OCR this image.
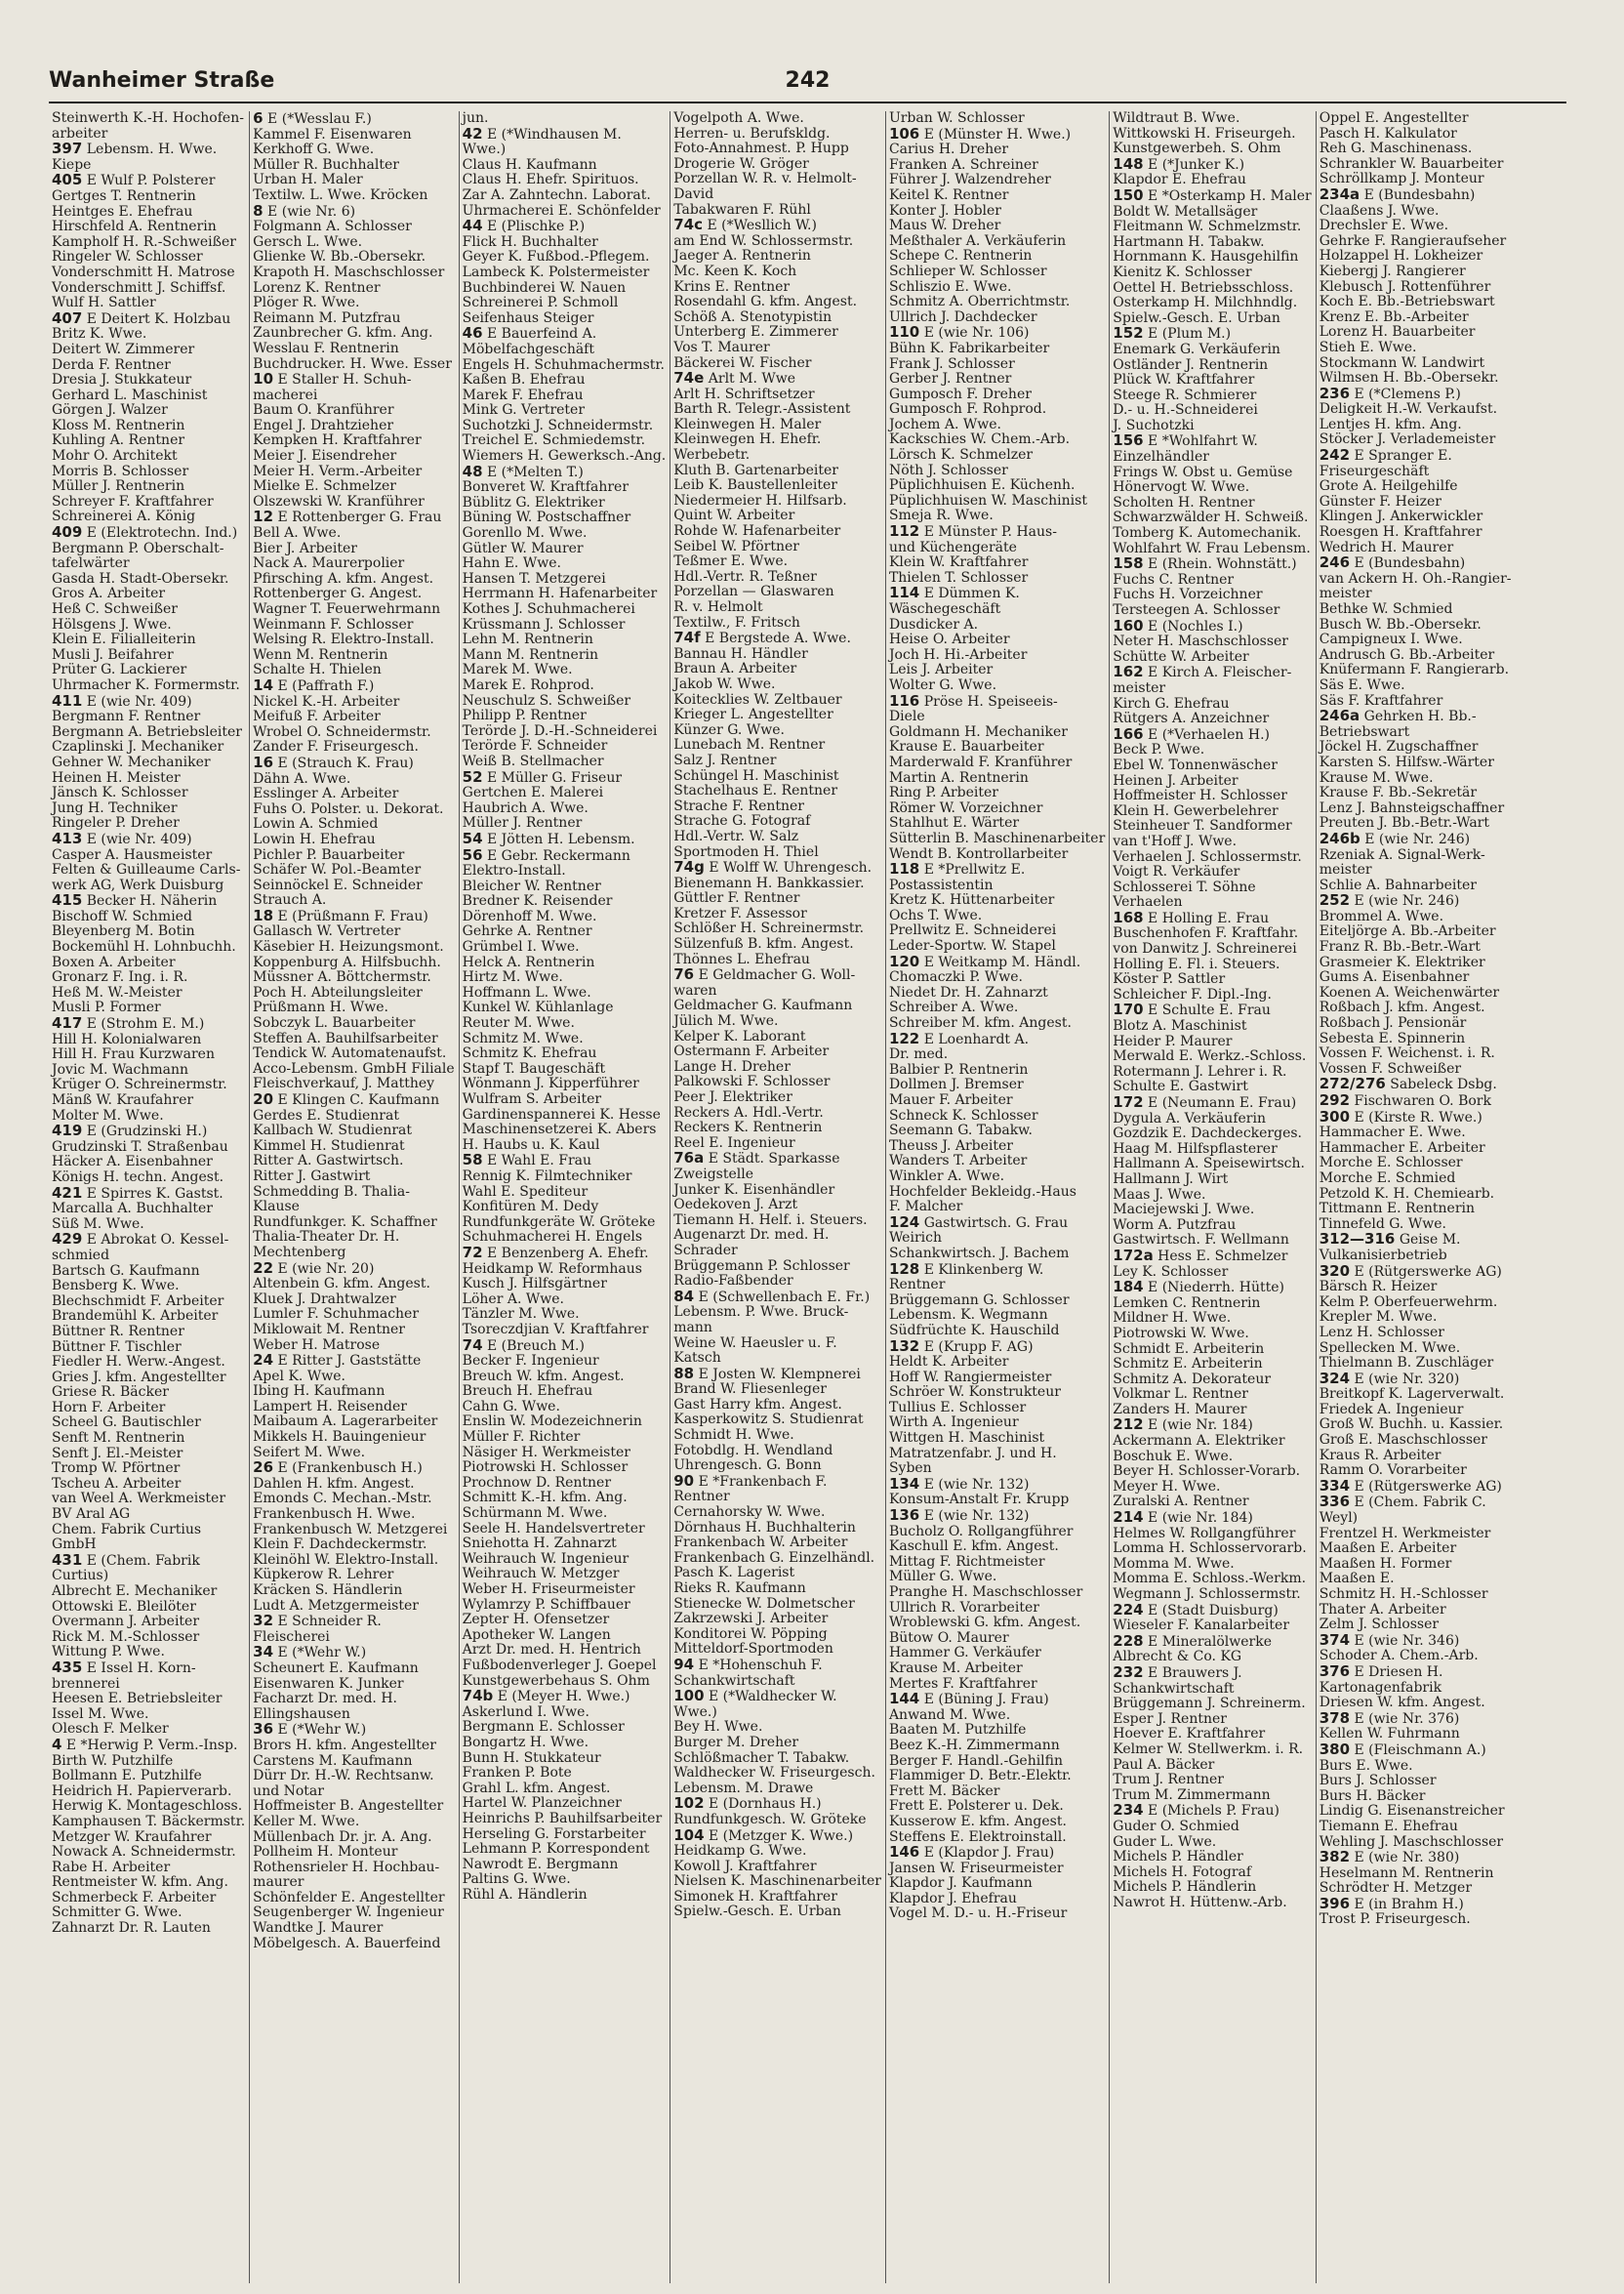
Wanheimer Straße	242
Steinwerth K.-H. Hochofen-
arbeiter
397 Lebensm. H. Wwe.
Kiepe
405 E Wulf P. Polsterer
Gertges T. Rentnerin
Heintges E. Ehefrau
Hirschfeld A. Rentnerin
Kampholf H. R.-Schweißer
Ringeler W. Schlosser
Vonderschmitt H. Matrose
Vonderschmitt J. Schiffsf.
Wulf H. Sattler
407 E Deitert K. Holzbau
Britz K. Wwe.
Deitert W. Zimmerer
Derda F. Rentner
Dresia J. Stukkateur
Gerhard L. Maschinist
Görgen J. Walzer
Kloss M. Rentnerin
Kuhling A. Rentner
Mohr O. Architekt
Morris B. Schlosser
Müller J. Rentnerin
Schreyer F. Kraftfahrer
Schreinerei A. König
409 E (Elektrotechn. Ind.)
Bergmann P. Oberschalt-
tafelwärter
Gasda H. Stadt-Obersekr.
Gros A. Arbeiter
Heß C. Schweißer
Hölsgens J. Wwe.
Klein E. Filialleiterin
Musli J. Beifahrer
Prüter G. Lackierer
Uhrmacher K. Formermstr.
411 E (wie Nr. 409)
Bergmann F. Rentner
Bergmann A. Betriebsleiter
Czaplinski J. Mechaniker
Gehner W. Mechaniker
Heinen H. Meister
Jänsch K. Schlosser
Jung H. Techniker
Ringeler P. Dreher
413 E (wie Nr. 409)
Casper A. Hausmeister
Felten & Guilleaume Carls-
werk AG, Werk Duisburg
415 Becker H. Näherin
Bischoff W. Schmied
Bleyenberg M. Botin
Bockemühl H. Lohnbuchh.
Boxen A. Arbeiter
Gronarz F. Ing. i. R.
Heß M. W.-Meister
Musli P. Former
417 E (Strohm E. M.)
Hill H. Kolonialwaren
Hill H. Frau Kurzwaren
Jovic M. Wachmann
Krüger O. Schreinermstr.
Mänß W. Kraufahrer
Molter M. Wwe.
419 E (Grudzinski H.)
Grudzinski T. Straßenbau
Häcker A. Eisenbahner
Königs H. techn. Angest.
421 E Spirres K. Gastst.
Marcalla A. Buchhalter
Süß M. Wwe.
429 E Abrokat O. Kessel-
schmied
Bartsch G. Kaufmann
Bensberg K. Wwe.
Blechschmidt F. Arbeiter
Brandemühl K. Arbeiter
Büttner R. Rentner
Büttner F. Tischler
Fiedler H. Werw.-Angest.
Gries J. kfm. Angestellter
Griese R. Bäcker
Horn F. Arbeiter
Scheel G. Bautischler
Senft M. Rentnerin
Senft J. El.-Meister
Tromp W. Pförtner
Tscheu A. Arbeiter
van Weel A. Werkmeister
BV Aral AG
Chem. Fabrik Curtius
GmbH
431 E (Chem. Fabrik
Curtius)
Albrecht E. Mechaniker
Ottowski E. Bleilöter
Overmann J. Arbeiter
Rick M. M.-Schlosser
Wittung P. Wwe.
435 E Issel H. Korn-
brennerei
Heesen E. Betriebsleiter
Issel M. Wwe.
Olesch F. Melker
4 E *Herwig P. Verm.-Insp.
Birth W. Putzhilfe
Bollmann E. Putzhilfe
Heidrich H. Papierverarb.
Herwig K. Montageschloss.
Kamphausen T. Bäckermstr.
Metzger W. Kraufahrer
Nowack A. Schneidermstr.
Rabe H. Arbeiter
Rentmeister W. kfm. Ang.
Schmerbeck F. Arbeiter
Schmitter G. Wwe.
Zahnarzt Dr. R. Lauten
6 E (*Wesslau F.)
Kammel F. Eisenwaren
Kerkhoff G. Wwe.
Müller R. Buchhalter
Urban H. Maler
Textilw. L. Wwe. Kröcken
8 E (wie Nr. 6)
Folgmann A. Schlosser
Gersch L. Wwe.
Glienke W. Bb.-Obersekr.
Krapoth H. Maschschlosser
Lorenz K. Rentner
Plöger R. Wwe.
Reimann M. Putzfrau
Zaunbrecher G. kfm. Ang.
Wesslau F. Rentnerin
Buchdrucker. H. Wwe. Esser
10 E Staller H. Schuh-
macherei
Baum O. Kranführer
Engel J. Drahtzieher
Kempken H. Kraftfahrer
Meier J. Eisendreher
Meier H. Verm.-Arbeiter
Mielke E. Schmelzer
Olszewski W. Kranführer
12 E Rottenberger G. Frau
Bell A. Wwe.
Bier J. Arbeiter
Nack A. Maurerpolier
Pfirsching A. kfm. Angest.
Rottenberger G. Angest.
Wagner T. Feuerwehrmann
Weinmann F. Schlosser
Welsing R. Elektro-Install.
Wenn M. Rentnerin
Schalte H. Thielen
14 E (Paffrath F.)
Nickel K.-H. Arbeiter
Meifuß F. Arbeiter
Wrobel O. Schneidermstr.
Zander F. Friseurgesch.
16 E (Strauch K. Frau)
Dähn A. Wwe.
Esslinger A. Arbeiter
Fuhs O. Polster. u. Dekorat.
Lowin A. Schmied
Lowin H. Ehefrau
Pichler P. Bauarbeiter
Schäfer W. Pol.-Beamter
Seinnöckel E. Schneider
Strauch A.
18 E (Prüßmann F. Frau)
Gallasch W. Vertreter
Käsebier H. Heizungsmont.
Koppenburg A. Hilfsbuchh.
Müssner A. Böttchermstr.
Poch H. Abteilungsleiter
Prüßmann H. Wwe.
Sobczyk L. Bauarbeiter
Steffen A. Bauhilfsarbeiter
Tendick W. Automatenaufst.
Acco-Lebensm. GmbH Filiale
Fleischverkauf, J. Matthey
20 E Klingen C. Kaufmann
Gerdes E. Studienrat
Kallbach W. Studienrat
Kimmel H. Studienrat
Ritter A. Gastwirtsch.
Ritter J. Gastwirt
Schmedding B. Thalia-
Klause
Rundfunkger. K. Schaffner
Thalia-Theater Dr. H.
Mechtenberg
22 E (wie Nr. 20)
Altenbein G. kfm. Angest.
Kluek J. Drahtwalzer
Lumler F. Schuhmacher
Miklowait M. Rentner
Weber H. Matrose
24 E Ritter J. Gaststätte
Apel K. Wwe.
Ibing H. Kaufmann
Lampert H. Reisender
Maibaum A. Lagerarbeiter
Mikkels H. Bauingenieur
Seifert M. Wwe.
26 E (Frankenbusch H.)
Dahlen H. kfm. Angest.
Emonds C. Mechan.-Mstr.
Frankenbusch H. Wwe.
Frankenbusch W. Metzgerei
Klein F. Dachdeckermstr.
Kleinöhl W. Elektro-Install.
Küpkerow R. Lehrer
Kräcken S. Händlerin
Ludt A. Metzgermeister
32 E Schneider R.
Fleischerei
34 E (*Wehr W.)
Scheunert E. Kaufmann
Eisenwaren K. Junker
Facharzt Dr. med. H.
Ellingshausen
36 E (*Wehr W.)
Brors H. kfm. Angestellter
Carstens M. Kaufmann
Dürr Dr. H.-W. Rechtsanw.
und Notar
Hoffmeister B. Angestellter
Keller M. Wwe.
Müllenbach Dr. jr. A. Ang.
Pollheim H. Monteur
Rothensrieler H. Hochbau-
maurer
Schönfelder E. Angestellter
Seugenberger W. Ingenieur
Wandtke J. Maurer
Möbelgesch. A. Bauerfeind
jun.
42 E (*Windhausen M.
Wwe.)
Claus H. Kaufmann
Claus H. Ehefr. Spirituos.
Zar A. Zahntechn. Laborat.
Uhrmacherei E. Schönfelder
44 E (Plischke P.)
Flick H. Buchhalter
Geyer K. Fußbod.-Pflegem.
Lambeck K. Polstermeister
Buchbinderei W. Nauen
Schreinerei P. Schmoll
Seifenhaus Steiger
46 E Bauerfeind A.
Möbelfachgeschäft
Engels H. Schuhmachermstr.
Kaßen B. Ehefrau
Marek F. Ehefrau
Mink G. Vertreter
Suchotzki J. Schneidermstr.
Treichel E. Schmiedemstr.
Wiemers H. Gewerksch.-Ang.
48 E (*Melten T.)
Bonveret W. Kraftfahrer
Büblitz G. Elektriker
Büning W. Postschaffner
Gorenllo M. Wwe.
Gütler W. Maurer
Hahn E. Wwe.
Hansen T. Metzgerei
Herrmann H. Hafenarbeiter
Kothes J. Schuhmacherei
Krüssmann J. Schlosser
Lehn M. Rentnerin
Mann M. Rentnerin
Marek M. Wwe.
Marek E. Rohprod.
Neuschulz S. Schweißer
Philipp P. Rentner
Terörde J. D.-H.-Schneiderei
Terörde F. Schneider
Weiß B. Stellmacher
52 E Müller G. Friseur
Gertchen E. Malerei
Haubrich A. Wwe.
Müller J. Rentner
54 E Jötten H. Lebensm.
56 E Gebr. Reckermann
Elektro-Install.
Bleicher W. Rentner
Bredner K. Reisender
Dörenhoff M. Wwe.
Gehrke A. Rentner
Grümbel I. Wwe.
Helck A. Rentnerin
Hirtz M. Wwe.
Hoffmann L. Wwe.
Kunkel W. Kühlanlage
Reuter M. Wwe.
Schmitz M. Wwe.
Schmitz K. Ehefrau
Stapf T. Baugeschäft
Wönmann J. Kipperführer
Wulfram S. Arbeiter
Gardinenspannerei K. Hesse
Maschinensetzerei K. Abers
H. Haubs u. K. Kaul
58 E Wahl E. Frau
Rennig K. Filmtechniker
Wahl E. Spediteur
Konfitüren M. Dedy
Rundfunkgeräte W. Gröteke
Schuhmacherei H. Engels
72 E Benzenberg A. Ehefr.
Heidkamp W. Reformhaus
Kusch J. Hilfsgärtner
Löher A. Wwe.
Tänzler M. Wwe.
Tsoreczdjian V. Kraftfahrer
74 E (Breuch M.)
Becker F. Ingenieur
Breuch W. kfm. Angest.
Breuch H. Ehefrau
Cahn G. Wwe.
Enslin W. Modezeichnerin
Müller F. Richter
Näsiger H. Werkmeister
Piotrowski H. Schlosser
Prochnow D. Rentner
Schmitt K.-H. kfm. Ang.
Schürmann M. Wwe.
Seele H. Handelsvertreter
Sniehotta H. Zahnarzt
Weihrauch W. Ingenieur
Weihrauch W. Metzger
Weber H. Friseurmeister
Wylamrzy P. Schiffbauer
Zepter H. Ofensetzer
Apotheker W. Langen
Arzt Dr. med. H. Hentrich
Fußbodenverleger J. Goepel
Kunstgewerbehaus S. Ohm
74b E (Meyer H. Wwe.)
Askerlund I. Wwe.
Bergmann E. Schlosser
Bongartz H. Wwe.
Bunn H. Stukkateur
Franken P. Bote
Grahl L. kfm. Angest.
Hartel W. Planzeichner
Heinrichs P. Bauhilfsarbeiter
Herseling G. Forstarbeiter
Lehmann P. Korrespondent
Nawrodt E. Bergmann
Paltins G. Wwe.
Rühl A. Händlerin
Vogelpoth A. Wwe.
Herren- u. Berufskldg.
Foto-Annahmest. P. Hupp
Drogerie W. Gröger
Porzellan W. R. v. Helmolt-
David
Tabakwaren F. Rühl
74c E (*Wesllich W.)
am End W. Schlossermstr.
Jaeger A. Rentnerin
Mc. Keen K. Koch
Krins E. Rentner
Rosendahl G. kfm. Angest.
Schöß A. Stenotypistin
Unterberg E. Zimmerer
Vos T. Maurer
Bäckerei W. Fischer
74e Arlt M. Wwe
Arlt H. Schriftsetzer
Barth R. Telegr.-Assistent
Kleinwegen H. Maler
Kleinwegen H. Ehefr.
Werbebetr.
Kluth B. Gartenarbeiter
Leib K. Baustellenleiter
Niedermeier H. Hilfsarb.
Quint W. Arbeiter
Rohde W. Hafenarbeiter
Seibel W. Pförtner
Teßmer E. Wwe.
Hdl.-Vertr. R. Teßner
Porzellan — Glaswaren
R. v. Helmolt
Textilw., F. Fritsch
74f E Bergstede A. Wwe.
Bannau H. Händler
Braun A. Arbeiter
Jakob W. Wwe.
Koitecklies W. Zeltbauer
Krieger L. Angestellter
Künzer G. Wwe.
Lunebach M. Rentner
Salz J. Rentner
Schüngel H. Maschinist
Stachelhaus E. Rentner
Strache F. Rentner
Strache G. Fotograf
Hdl.-Vertr. W. Salz
Sportmoden H. Thiel
74g E Wolff W. Uhrengesch.
Bienemann H. Bankkassier.
Güttler F. Rentner
Kretzer F. Assessor
Schlößer H. Schreinermstr.
Sülzenfuß B. kfm. Angest.
Thönnes L. Ehefrau
76 E Geldmacher G. Woll-
waren
Geldmacher G. Kaufmann
Jülich M. Wwe.
Kelper K. Laborant
Ostermann F. Arbeiter
Lange H. Dreher
Palkowski F. Schlosser
Peer J. Elektriker
Reckers A. Hdl.-Vertr.
Reckers K. Rentnerin
Reel E. Ingenieur
76a E Städt. Sparkasse
Zweigstelle
Junker K. Eisenhändler
Oedekoven J. Arzt
Tiemann H. Helf. i. Steuers.
Augenarzt Dr. med. H.
Schrader
Brüggemann P. Schlosser
Radio-Faßbender
84 E (Schwellenbach E. Fr.)
Lebensm. P. Wwe. Bruck-
mann
Weine W. Haeusler u. F.
Katsch
88 E Josten W. Klempnerei
Brand W. Fliesenleger
Gast Harry kfm. Angest.
Kasperkowitz S. Studienrat
Schmidt H. Wwe.
Fotobdlg. H. Wendland
Uhrengesch. G. Bonn
90 E *Frankenbach F.
Rentner
Cernahorsky W. Wwe.
Dörnhaus H. Buchhalterin
Frankenbach W. Arbeiter
Frankenbach G. Einzelhändl.
Pasch K. Lagerist
Rieks R. Kaufmann
Stienecke W. Dolmetscher
Zakrzewski J. Arbeiter
Konditorei W. Pöpping
Mitteldorf-Sportmoden
94 E *Hohenschuh F.
Schankwirtschaft
100 E (*Waldhecker W.
Wwe.)
Bey H. Wwe.
Burger M. Dreher
Schlößmacher T. Tabakw.
Waldhecker W. Friseurgesch.
Lebensm. M. Drawe
102 E (Dornhaus H.)
Rundfunkgesch. W. Gröteke
104 E (Metzger K. Wwe.)
Heidkamp G. Wwe.
Kowoll J. Kraftfahrer
Nielsen K. Maschinenarbeiter
Simonek H. Kraftfahrer
Spielw.-Gesch. E. Urban
Urban W. Schlosser
106 E (Münster H. Wwe.)
Carius H. Dreher
Franken A. Schreiner
Führer J. Walzendreher
Keitel K. Rentner
Konter J. Hobler
Maus W. Dreher
Meßthaler A. Verkäuferin
Schepe C. Rentnerin
Schlieper W. Schlosser
Schliszio E. Wwe.
Schmitz A. Oberrichtmstr.
Ullrich J. Dachdecker
110 E (wie Nr. 106)
Bühn K. Fabrikarbeiter
Frank J. Schlosser
Gerber J. Rentner
Gumposch F. Dreher
Gumposch F. Rohprod.
Jochem A. Wwe.
Kackschies W. Chem.-Arb.
Lörsch K. Schmelzer
Nöth J. Schlosser
Püplichhuisen E. Küchenh.
Püplichhuisen W. Maschinist
Smeja R. Wwe.
112 E Münster P. Haus-
und Küchengeräte
Klein W. Kraftfahrer
Thielen T. Schlosser
114 E Dümmen K.
Wäschegeschäft
Dusdicker A.
Heise O. Arbeiter
Joch H. Hi.-Arbeiter
Leis J. Arbeiter
Wolter G. Wwe.
116 Pröse H. Speiseeis-
Diele
Goldmann H. Mechaniker
Krause E. Bauarbeiter
Marderwald F. Kranführer
Martin A. Rentnerin
Ring P. Arbeiter
Römer W. Vorzeichner
Stahlhut E. Wärter
Sütterlin B. Maschinenarbeiter
Wendt B. Kontrollarbeiter
118 E *Prellwitz E.
Postassistentin
Kretz K. Hüttenarbeiter
Ochs T. Wwe.
Prellwitz E. Schneiderei
Leder-Sportw. W. Stapel
120 E Weitkamp M. Händl.
Chomaczki P. Wwe.
Niedet Dr. H. Zahnarzt
Schreiber A. Wwe.
Schreiber M. kfm. Angest.
122 E Loenhardt A.
Dr. med.
Balbier P. Rentnerin
Dollmen J. Bremser
Mauer F. Arbeiter
Schneck K. Schlosser
Seemann G. Tabakw.
Theuss J. Arbeiter
Wanders T. Arbeiter
Winkler A. Wwe.
Hochfelder Bekleidg.-Haus
F. Malcher
124 Gastwirtsch. G. Frau
Weirich
Schankwirtsch. J. Bachem
128 E Klinkenberg W.
Rentner
Brüggemann G. Schlosser
Lebensm. K. Wegmann
Südfrüchte K. Hauschild
132 E (Krupp F. AG)
Heldt K. Arbeiter
Hoff W. Rangiermeister
Schröer W. Konstrukteur
Tullius E. Schlosser
Wirth A. Ingenieur
Wittgen H. Maschinist
Matratzenfabr. J. und H.
Syben
134 E (wie Nr. 132)
Konsum-Anstalt Fr. Krupp
136 E (wie Nr. 132)
Bucholz O. Rollgangführer
Kaschull E. kfm. Angest.
Mittag F. Richtmeister
Müller G. Wwe.
Pranghe H. Maschschlosser
Ullrich R. Vorarbeiter
Wroblewski G. kfm. Angest.
Bütow O. Maurer
Hammer G. Verkäufer
Krause M. Arbeiter
Mertes F. Kraftfahrer
144 E (Büning J. Frau)
Anwand M. Wwe.
Baaten M. Putzhilfe
Beez K.-H. Zimmermann
Berger F. Handl.-Gehilfin
Flammiger D. Betr.-Elektr.
Frett M. Bäcker
Frett E. Polsterer u. Dek.
Kusserow E. kfm. Angest.
Steffens E. Elektroinstall.
146 E (Klapdor J. Frau)
Jansen W. Friseurmeister
Klapdor J. Kaufmann
Klapdor J. Ehefrau
Vogel M. D.- u. H.-Friseur
Wildtraut B. Wwe.
Wittkowski H. Friseurgeh.
Kunstgewerbeh. S. Ohm
148 E (*Junker K.)
Klapdor E. Ehefrau
150 E *Osterkamp H. Maler
Boldt W. Metallsäger
Fleitmann W. Schmelzmstr.
Hartmann H. Tabakw.
Hornmann K. Hausgehilfin
Kienitz K. Schlosser
Oettel H. Betriebsschloss.
Osterkamp H. Milchhndlg.
Spielw.-Gesch. E. Urban
152 E (Plum M.)
Enemark G. Verkäuferin
Ostländer J. Rentnerin
Plück W. Kraftfahrer
Steege R. Schmierer
D.- u. H.-Schneiderei
J. Suchotzki
156 E *Wohlfahrt W.
Einzelhändler
Frings W. Obst u. Gemüse
Hönervogt W. Wwe.
Scholten H. Rentner
Schwarzwälder H. Schweiß.
Tomberg K. Automechanik.
Wohlfahrt W. Frau Lebensm.
158 E (Rhein. Wohnstätt.)
Fuchs C. Rentner
Fuchs H. Vorzeichner
Tersteegen A. Schlosser
160 E (Nochles I.)
Neter H. Maschschlosser
Schütte W. Arbeiter
162 E Kirch A. Fleischer-
meister
Kirch G. Ehefrau
Rütgers A. Anzeichner
166 E (*Verhaelen H.)
Beck P. Wwe.
Ebel W. Tonnenwäscher
Heinen J. Arbeiter
Hoffmeister H. Schlosser
Klein H. Gewerbelehrer
Steinheuer T. Sandformer
van t'Hoff J. Wwe.
Verhaelen J. Schlossermstr.
Voigt R. Verkäufer
Schlosserei T. Söhne
Verhaelen
168 E Holling E. Frau
Buschenhofen F. Kraftfahr.
von Danwitz J. Schreinerei
Holling E. Fl. i. Steuers.
Köster P. Sattler
Schleicher F. Dipl.-Ing.
170 E Schulte E. Frau
Blotz A. Maschinist
Heider P. Maurer
Merwald E. Werkz.-Schloss.
Rotermann J. Lehrer i. R.
Schulte E. Gastwirt
172 E (Neumann E. Frau)
Dygula A. Verkäuferin
Gozdzik E. Dachdeckerges.
Haag M. Hilfspflasterer
Hallmann A. Speisewirtsch.
Hallmann J. Wirt
Maas J. Wwe.
Maciejewski J. Wwe.
Worm A. Putzfrau
Gastwirtsch. F. Wellmann
172a Hess E. Schmelzer
Ley K. Schlosser
184 E (Niederrh. Hütte)
Lemken C. Rentnerin
Mildner H. Wwe.
Piotrowski W. Wwe.
Schmidt E. Arbeiterin
Schmitz E. Arbeiterin
Schmitz A. Dekorateur
Volkmar L. Rentner
Zanders H. Maurer
212 E (wie Nr. 184)
Ackermann A. Elektriker
Boschuk E. Wwe.
Beyer H. Schlosser-Vorarb.
Meyer H. Wwe.
Zuralski A. Rentner
214 E (wie Nr. 184)
Helmes W. Rollgangführer
Lomma H. Schlosservorarb.
Momma M. Wwe.
Momma E. Schloss.-Werkm.
Wegmann J. Schlossermstr.
224 E (Stadt Duisburg)
Wieseler F. Kanalarbeiter
228 E Mineralölwerke
Albrecht & Co. KG
232 E Brauwers J.
Schankwirtschaft
Brüggemann J. Schreinerm.
Esper J. Rentner
Hoever E. Kraftfahrer
Kelmer W. Stellwerkm. i. R.
Paul A. Bäcker
Trum J. Rentner
Trum M. Zimmermann
234 E (Michels P. Frau)
Guder O. Schmied
Guder L. Wwe.
Michels P. Händler
Michels H. Fotograf
Michels P. Händlerin
Nawrot H. Hüttenw.-Arb.
Oppel E. Angestellter
Pasch H. Kalkulator
Reh G. Maschinenass.
Schrankler W. Bauarbeiter
Schröllkamp J. Monteur
234a E (Bundesbahn)
Claaßens J. Wwe.
Drechsler E. Wwe.
Gehrke F. Rangieraufseher
Holzappel H. Lokheizer
Kiebergj J. Rangierer
Klebusch J. Rottenführer
Koch E. Bb.-Betriebswart
Krenz E. Bb.-Arbeiter
Lorenz H. Bauarbeiter
Stieh E. Wwe.
Stockmann W. Landwirt
Wilmsen H. Bb.-Obersekr.
236 E (*Clemens P.)
Deligkeit H.-W. Verkaufst.
Lentjes H. kfm. Ang.
Stöcker J. Verlademeister
242 E Spranger E.
Friseurgeschäft
Grote A. Heilgehilfe
Günster F. Heizer
Klingen J. Ankerwickler
Roesgen H. Kraftfahrer
Wedrich H. Maurer
246 E (Bundesbahn)
van Ackern H. Oh.-Rangier-
meister
Bethke W. Schmied
Busch W. Bb.-Obersekr.
Campigneux I. Wwe.
Andrusch G. Bb.-Arbeiter
Knüfermann F. Rangierarb.
Säs E. Wwe.
Säs F. Kraftfahrer
246a Gehrken H. Bb.-
Betriebswart
Jöckel H. Zugschaffner
Karsten S. Hilfsw.-Wärter
Krause M. Wwe.
Krause F. Bb.-Sekretär
Lenz J. Bahnsteigschaffner
Preuten J. Bb.-Betr.-Wart
246b E (wie Nr. 246)
Rzeniak A. Signal-Werk-
meister
Schlie A. Bahnarbeiter
252 E (wie Nr. 246)
Brommel A. Wwe.
Eiteljörge A. Bb.-Arbeiter
Franz R. Bb.-Betr.-Wart
Grasmeier K. Elektriker
Gums A. Eisenbahner
Koenen A. Weichenwärter
Roßbach J. kfm. Angest.
Roßbach J. Pensionär
Sebesta E. Spinnerin
Vossen F. Weichenst. i. R.
Vossen F. Schweißer
272/276 Sabeleck Dsbg.
292 Fischwaren O. Bork
300 E (Kirste R. Wwe.)
Hammacher E. Wwe.
Hammacher E. Arbeiter
Morche E. Schlosser
Morche E. Schmied
Petzold K. H. Chemiearb.
Tittmann E. Rentnerin
Tinnefeld G. Wwe.
312—316 Geise M.
Vulkanisierbetrieb
320 E (Rütgerswerke AG)
Bärsch R. Heizer
Kelm P. Oberfeuerwehrm.
Krepler M. Wwe.
Lenz H. Schlosser
Spellecken M. Wwe.
Thielmann B. Zuschläger
324 E (wie Nr. 320)
Breitkopf K. Lagerverwalt.
Friedek A. Ingenieur
Groß W. Buchh. u. Kassier.
Groß E. Maschschlosser
Kraus R. Arbeiter
Ramm O. Vorarbeiter
334 E (Rütgerswerke AG)
336 E (Chem. Fabrik C.
Weyl)
Frentzel H. Werkmeister
Maaßen E. Arbeiter
Maaßen H. Former
Maaßen E.
Schmitz H. H.-Schlosser
Thater A. Arbeiter
Zelm J. Schlosser
374 E (wie Nr. 346)
Schoder A. Chem.-Arb.
376 E Driesen H.
Kartonagenfabrik
Driesen W. kfm. Angest.
378 E (wie Nr. 376)
Kellen W. Fuhrmann
380 E (Fleischmann A.)
Burs E. Wwe.
Burs J. Schlosser
Burs H. Bäcker
Lindig G. Eisenanstreicher
Tiemann E. Ehefrau
Wehling J. Maschschlosser
382 E (wie Nr. 380)
Heselmann M. Rentnerin
Schrödter H. Metzger
396 E (in Brahm H.)
Trost P. Friseurgesch.
